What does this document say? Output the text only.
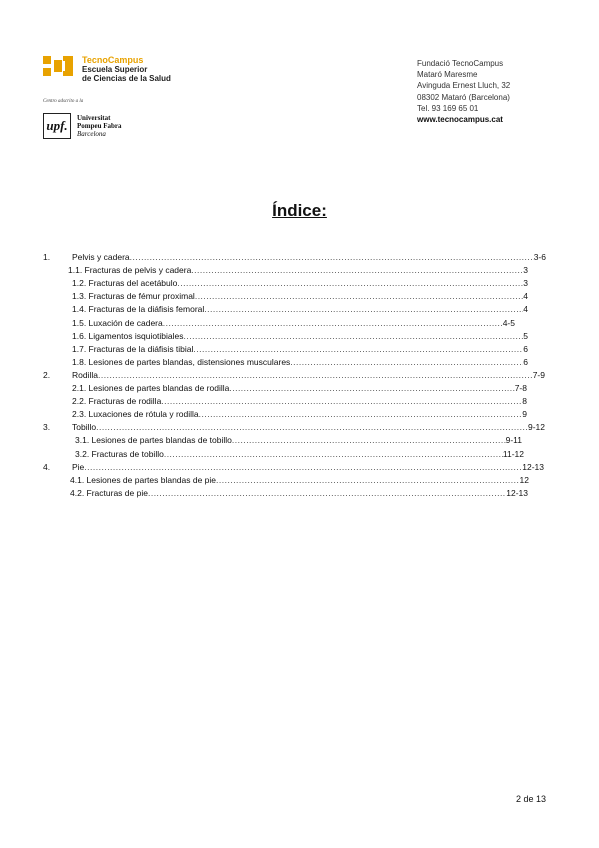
TecnoCampus
Escuela Superior
de Ciencias de la Salud
Centro adscrito a la
upf.	Universitat
Pompeu Fabra
Barcelona
Fundació TecnoCampus
Mataró Maresme
Avinguda Ernest Lluch, 32
08302 Mataró (Barcelona)
Tel. 93 169 65 01
www.tecnocampus.cat
Índice:
1.	Pelvis y cadera .....	3-6
1.1. Fracturas de pelvis y cadera .....	3
1.2. Fracturas del acetábulo .....	3
1.3. Fracturas de fémur proximal .....	4
1.4. Fracturas de la diáfisis femoral .....	4
1.5. Luxación de cadera .....	4-5
1.6. Ligamentos isquiotibiales .....	5
1.7. Fracturas de la diáfisis tibial .....	6
1.8. Lesiones de partes blandas, distensiones musculares .....	6
2.	Rodilla .....	7-9
2.1. Lesiones de partes blandas de rodilla .....	7-8
2.2. Fracturas de rodilla .....	8
2.3. Luxaciones de rótula y rodilla .....	9
3.	Tobillo .....	9-12
3.1. Lesiones de partes blandas de tobillo .....	9-11
3.2. Fracturas de tobillo .....	11-12
4.	Pie .....	12-13
4.1. Lesiones de partes blandas de pie .....	12
4.2. Fracturas de pie .....	12-13
2 de 13
